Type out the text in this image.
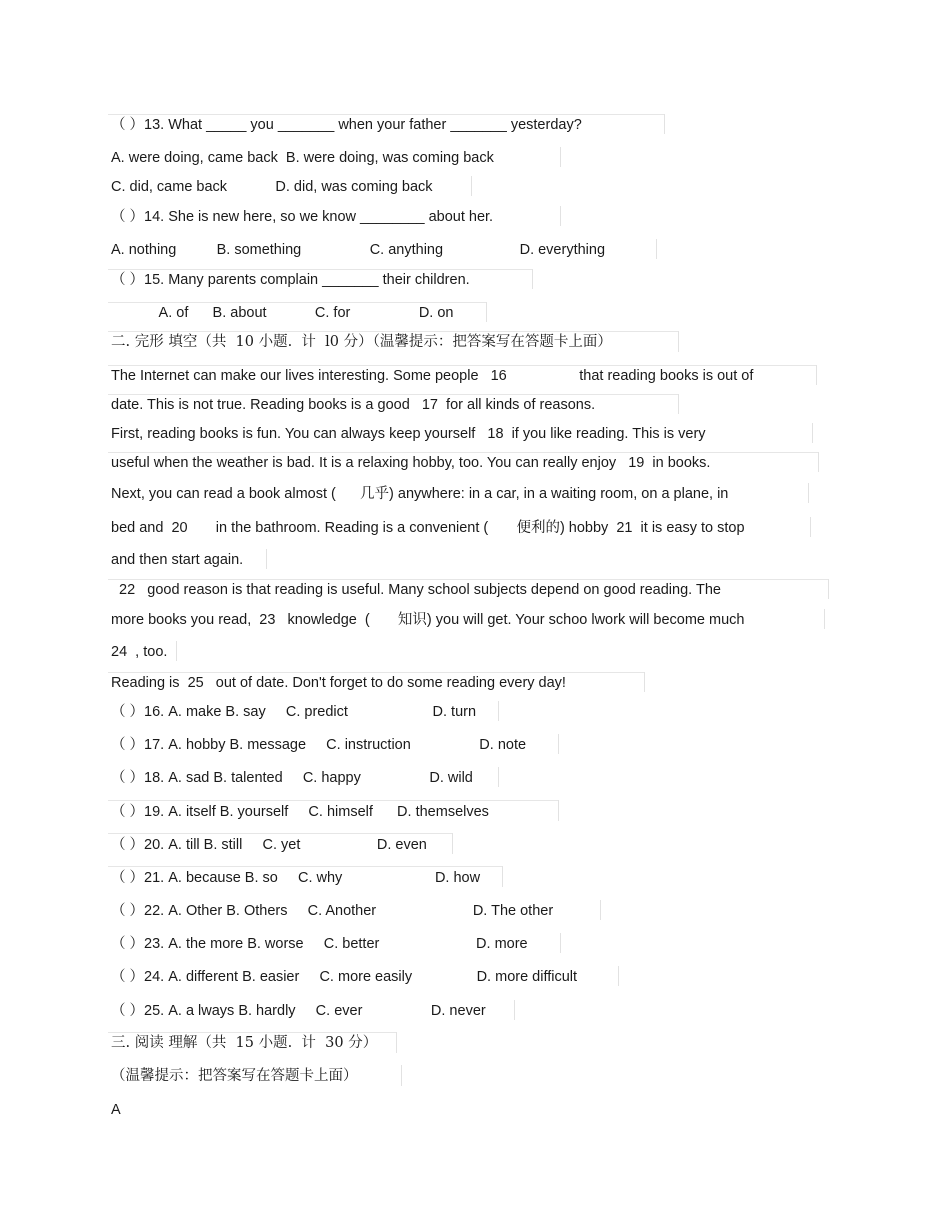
（ ）13. What _____ you _______ when your father _______ yesterday?
A. were doing, came back  B. were doing, was coming back
C. did, came back            D. did, was coming back
（ ）14. She is new here, so we know ________ about her.
A. nothing          B. something                 C. anything                   D. everything
（ ）15. Many parents complain _______ their children.
A. of      B. about            C. for                 D. on
二. 完形 填空（共  10 小题.  计  l0 分）（温馨提示：把答案写在答题卡上面）
The Internet can make our lives interesting. Some people   16                  that reading books is out of
date. This is not true. Reading books is a good   17  for all kinds of reasons.
First, reading books is fun. You can always keep yourself   18  if you like reading. This is very
useful when the weather is bad. It is a relaxing hobby, too. You can really enjoy   19  in books.
Next, you can read a book almost (      几乎) anywhere: in a car, in a waiting room, on a plane, in
bed and  20       in the bathroom. Reading is a convenient (       便利的) hobby  21  it is easy to stop
and then start again.
22   good reason is that reading is useful. Many school subjects depend on good reading. The
more books you read,  23   knowledge  (       知识) you will get. Your schoo lwork will become much
24  , too.
Reading is  25   out of date. Don't forget to do some reading every day!
（ ）16. A. make B. say     C. predict                     D. turn
（ ）17. A. hobby B. message     C. instruction                 D. note
（ ）18. A. sad B. talented     C. happy                 D. wild
（ ）19. A. itself B. yourself     C. himself      D. themselves
（ ）20. A. till B. still     C. yet                   D. even
（ ）21. A. because B. so     C. why                       D. how
（ ）22. A. Other B. Others     C. Another                        D. The other
（ ）23. A. the more B. worse     C. better                        D. more
（ ）24. A. different B. easier     C. more easily                D. more difficult
（ ）25. A. a lways B. hardly     C. ever                 D. never
三. 阅读 理解（共  15 小题.  计  30 分）
（温馨提示：把答案写在答题卡上面）
A
